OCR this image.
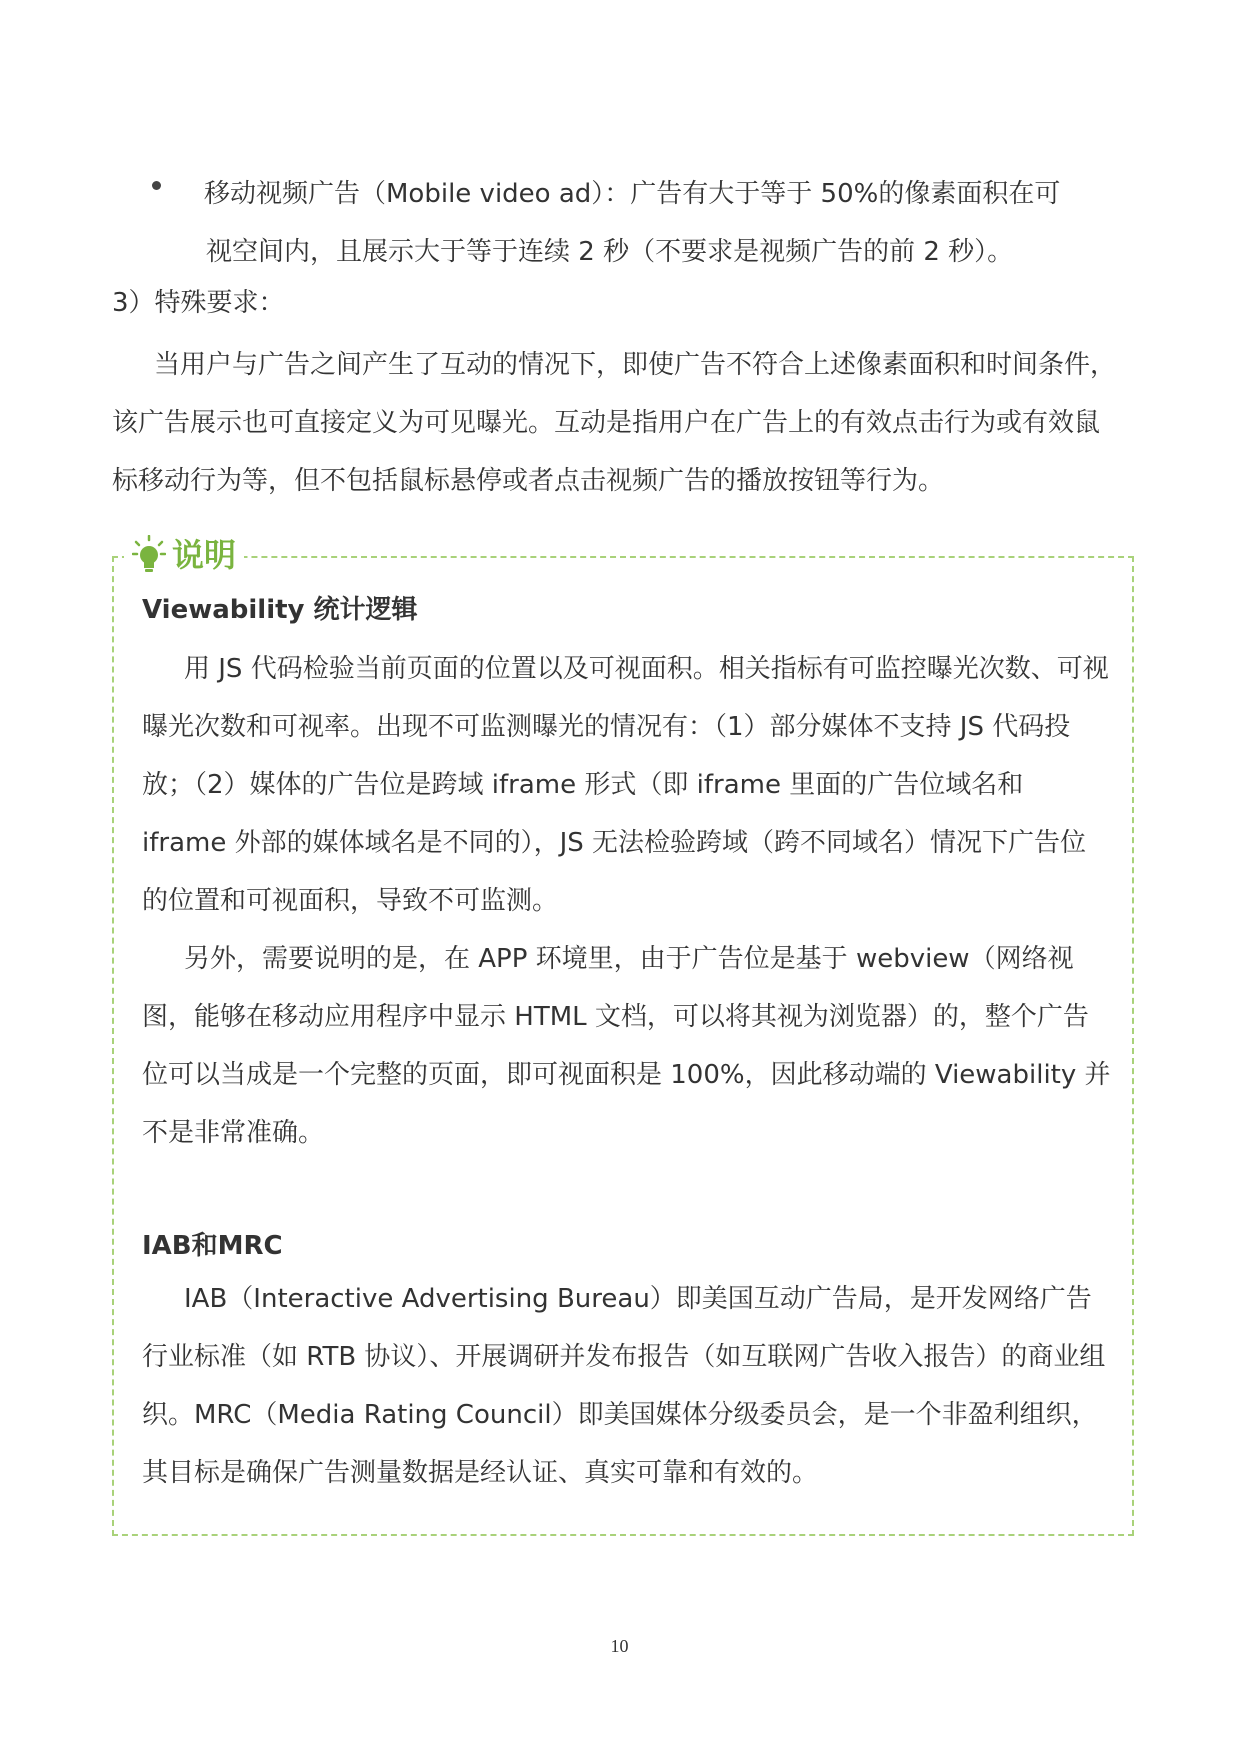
移动视频广告（Mobile video ad）：广告有大于等于 50%的像素面积在可
视空间内，且展示大于等于连续 2 秒（不要求是视频广告的前 2 秒）。
3）特殊要求：

当用户与广告之间产生了互动的情况下，即使广告不符合上述像素面积和时间条件，该广告展示也可直接定义为可见曝光。互动是指用户在广告上的有效点击行为或有效鼠标移动行为等，但不包括鼠标悬停或者点击视频广告的播放按钮等行为。

说明

Viewability 统计逻辑

用 JS 代码检验当前页面的位置以及可视面积。相关指标有可监控曝光次数、可视曝光次数和可视率。出现不可监测曝光的情况有：（1）部分媒体不支持 JS 代码投放；（2）媒体的广告位是跨域 iframe 形式（即 iframe 里面的广告位域名和 iframe 外部的媒体域名是不同的），JS 无法检验跨域（跨不同域名）情况下广告位的位置和可视面积，导致不可监测。

另外，需要说明的是，在 APP 环境里，由于广告位是基于 webview（网络视图，能够在移动应用程序中显示 HTML 文档，可以将其视为浏览器）的，整个广告位可以当成是一个完整的页面，即可视面积是 100%，因此移动端的 Viewability 并不是非常准确。

IAB和MRC

IAB（Interactive Advertising Bureau）即美国互动广告局，是开发网络广告行业标准（如 RTB 协议）、开展调研并发布报告（如互联网广告收入报告）的商业组织。MRC（Media Rating Council）即美国媒体分级委员会，是一个非盈利组织，其目标是确保广告测量数据是经认证、真实可靠和有效的。

10
